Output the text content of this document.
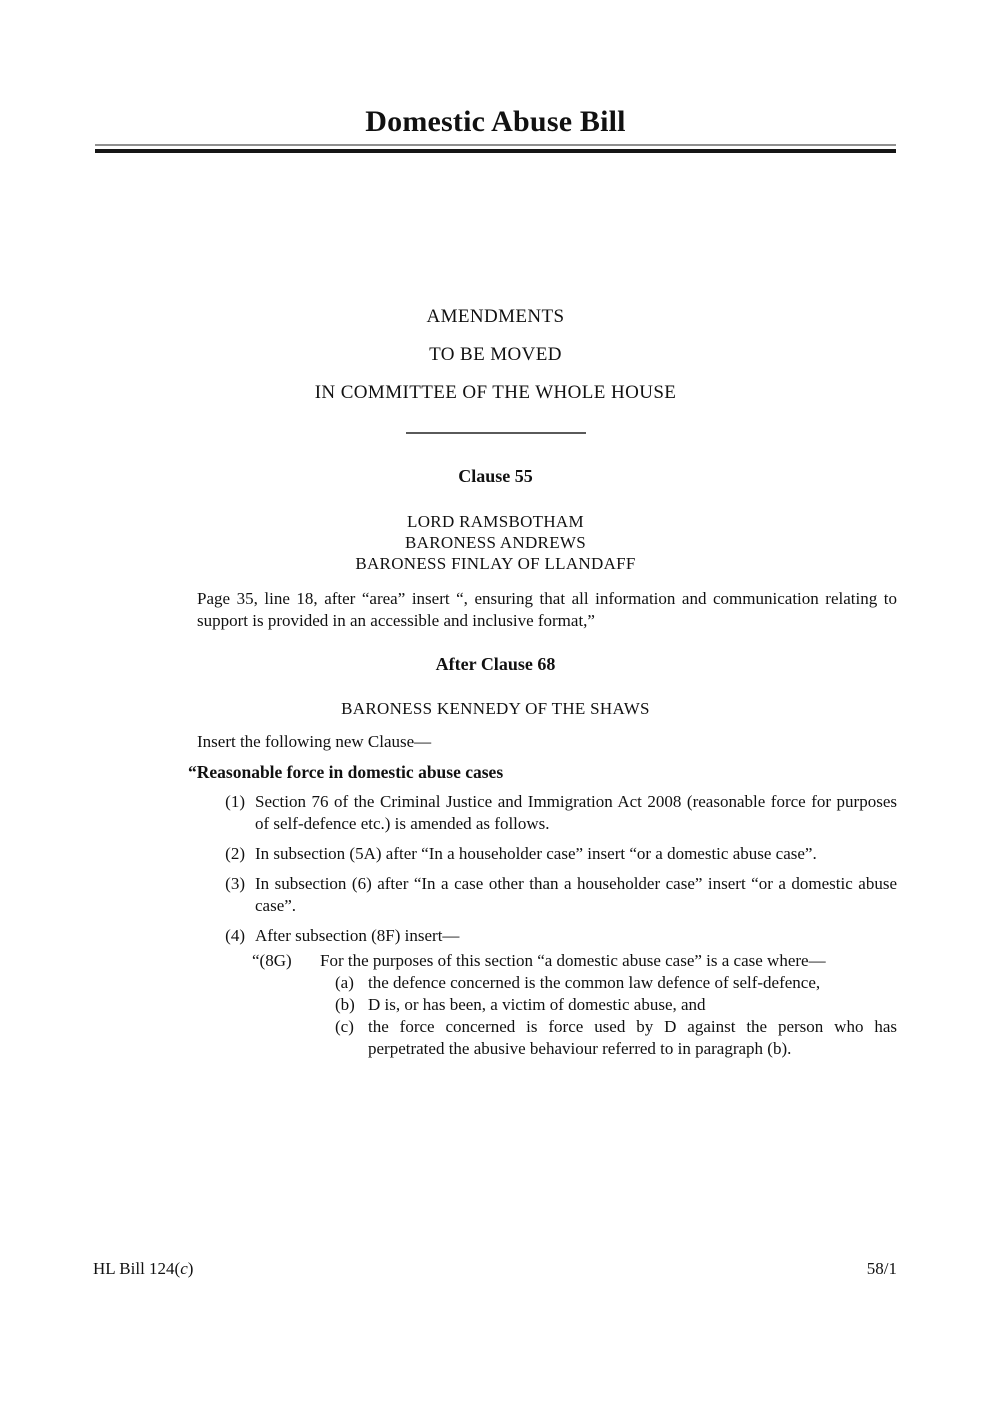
Domestic Abuse Bill
AMENDMENTS
TO BE MOVED
IN COMMITTEE OF THE WHOLE HOUSE
Clause 55
LORD RAMSBOTHAM
BARONESS ANDREWS
BARONESS FINLAY OF LLANDAFF
Page 35, line 18, after “area” insert “, ensuring that all information and communication relating to support is provided in an accessible and inclusive format,”
After Clause 68
BARONESS KENNEDY OF THE SHAWS
Insert the following new Clause—
“Reasonable force in domestic abuse cases
(1) Section 76 of the Criminal Justice and Immigration Act 2008 (reasonable force for purposes of self-defence etc.) is amended as follows.
(2) In subsection (5A) after “In a householder case” insert “or a domestic abuse case”.
(3) In subsection (6) after “In a case other than a householder case” insert “or a domestic abuse case”.
(4) After subsection (8F) insert—
“(8G)	For the purposes of this section “a domestic abuse case” is a case where—
(a) the defence concerned is the common law defence of self-defence,
(b) D is, or has been, a victim of domestic abuse, and
(c) the force concerned is force used by D against the person who has perpetrated the abusive behaviour referred to in paragraph (b).
HL Bill 124(c)	58/1
